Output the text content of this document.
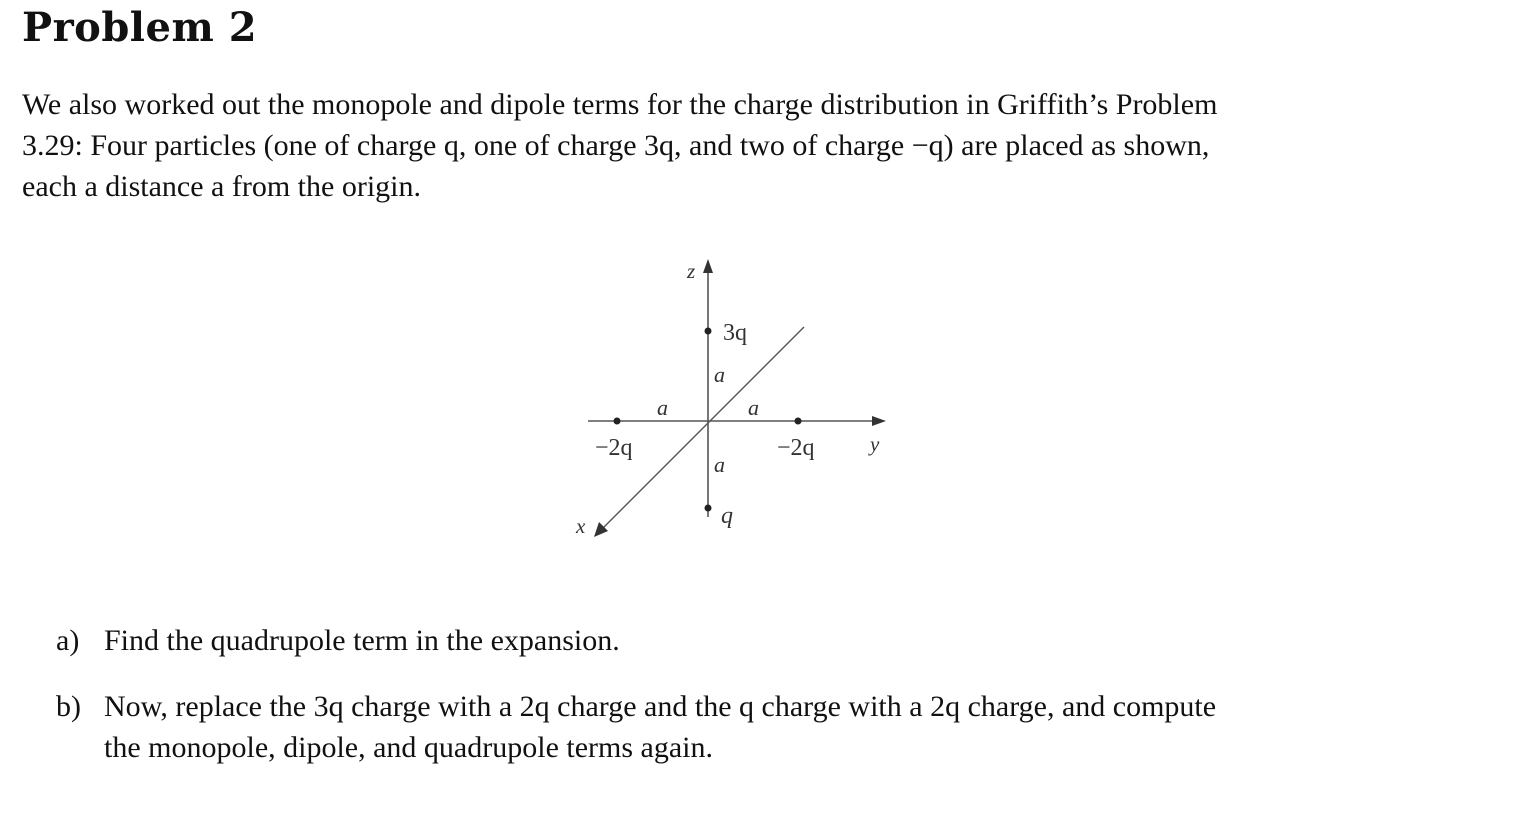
Problem 2
We also worked out the monopole and dipole terms for the charge distribution in Griffith’s Problem
3.29: Four particles (one of charge q, one of charge 3q, and two of charge −q) are placed as shown,
each a distance a from the origin.
z
y
x
3q
q
−2q	−2q
a
a
a	a
a) Find the quadrupole term in the expansion.
b) Now, replace the 3q charge with a 2q charge and the q charge with a 2q charge, and compute
the monopole, dipole, and quadrupole terms again.
